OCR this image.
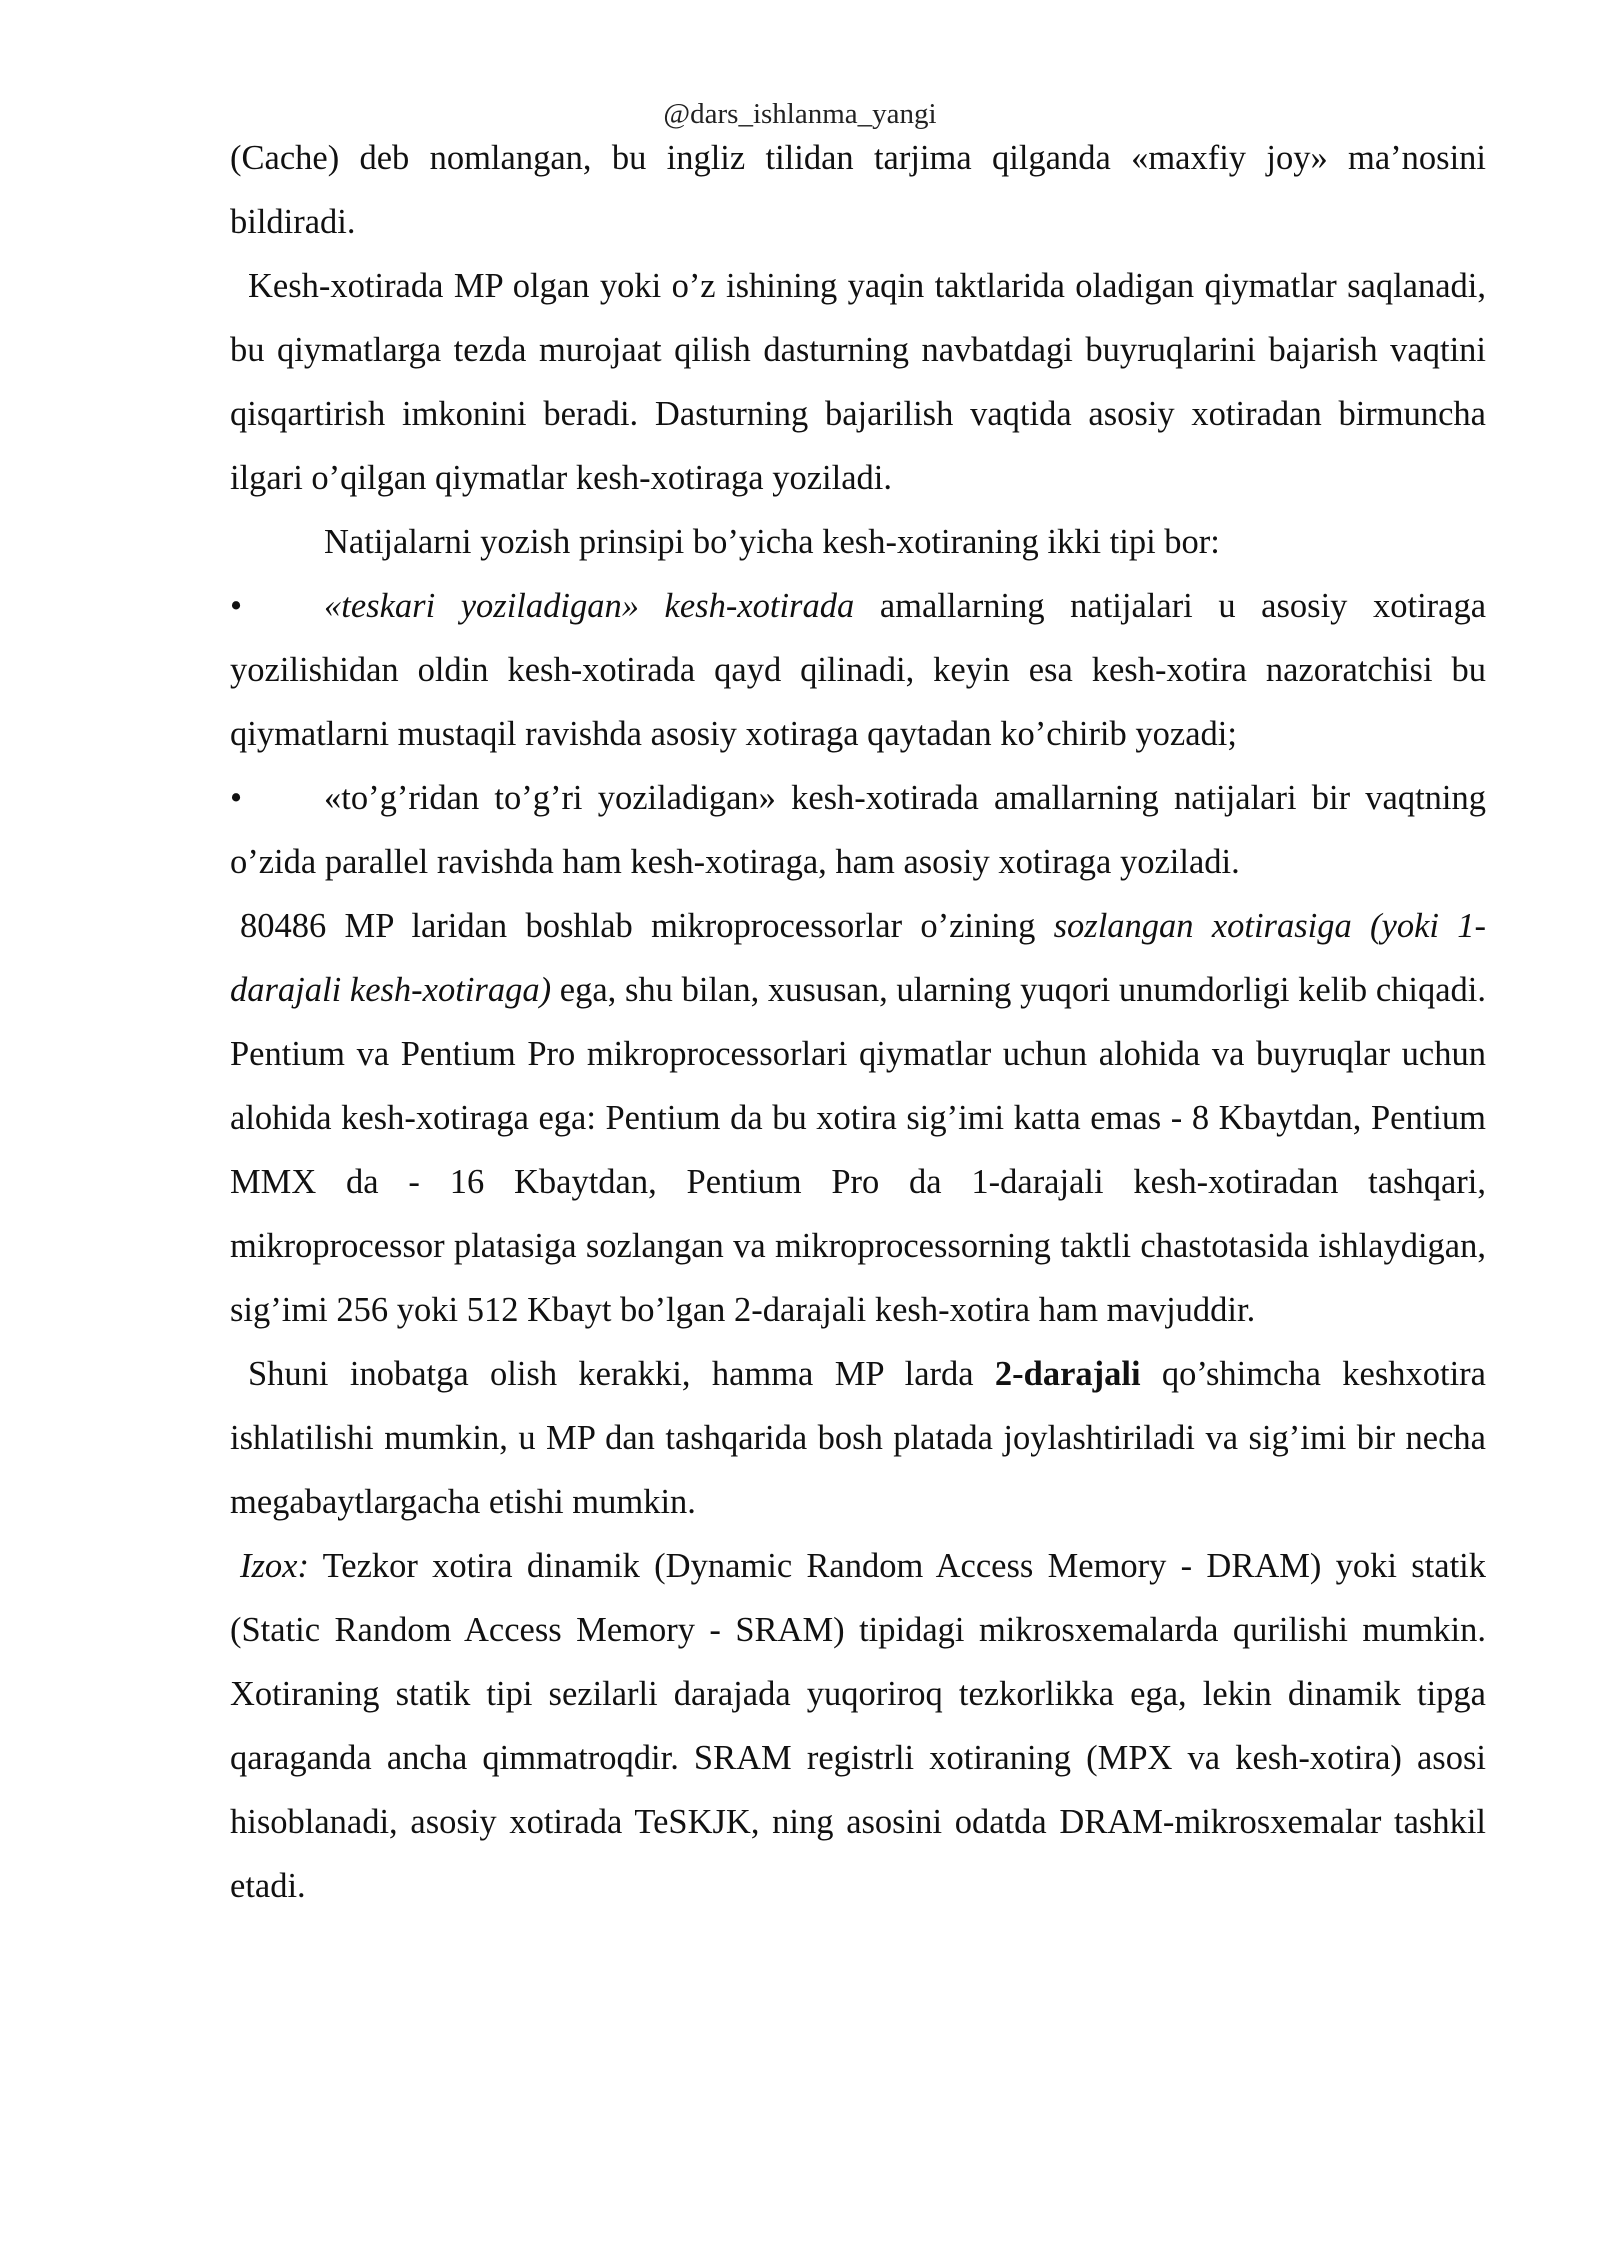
@dars_ishlanma_yangi

(Cache) deb nomlangan, bu ingliz tilidan tarjima qilganda «maxfiy joy» ma’nosini bildiradi.

Kesh-xotirada MP olgan yoki o’z ishining yaqin taktlarida oladigan qiymatlar saqlanadi, bu qiymatlarga tezda murojaat qilish dasturning navbatdagi buyruqlarini bajarish vaqtini qisqartirish imkonini beradi. Dasturning bajarilish vaqtida asosiy xotiradan birmuncha ilgari o’qilgan qiymatlar kesh-xotiraga yoziladi.

Natijalarni yozish prinsipi bo’yicha kesh-xotiraning ikki tipi bor:

• «teskari yoziladigan» kesh-xotirada amallarning natijalari u asosiy xotiraga yozilishidan oldin kesh-xotirada qayd qilinadi, keyin esa kesh-xotira nazoratchisi bu qiymatlarni mustaqil ravishda asosiy xotiraga qaytadan ko’chirib yozadi;

• «to’g’ridan to’g’ri yoziladigan» kesh-xotirada amallarning natijalari bir vaqtning o’zida parallel ravishda ham kesh-xotiraga, ham asosiy xotiraga yoziladi.

80486 MP laridan boshlab mikroprocessorlar o’zining sozlangan xotirasiga (yoki 1-darajali kesh-xotiraga) ega, shu bilan, xususan, ularning yuqori unumdorligi kelib chiqadi. Pentium va Pentium Pro mikroprocessorlari qiymatlar uchun alohida va buyruqlar uchun alohida kesh-xotiraga ega: Pentium da bu xotira sig’imi katta emas - 8 Kbaytdan, Pentium MMX da - 16 Kbaytdan, Pentium Pro da 1-darajali kesh-xotiradan tashqari, mikroprocessor platasiga sozlangan va mikroprocessorning taktli chastotasida ishlaydigan, sig’imi 256 yoki 512 Kbayt bo’lgan 2-darajali kesh-xotira ham mavjuddir.

Shuni inobatga olish kerakki, hamma MP larda 2-darajali qo’shimcha keshxotira ishlatilishi mumkin, u MP dan tashqarida bosh platada joylashtiriladi va sig’imi bir necha megabaytlargacha etishi mumkin.

Izox: Tezkor xotira dinamik (Dynamic Random Access Memory - DRAM) yoki statik (Static Random Access Memory - SRAM) tipidagi mikrosxemalarda qurilishi mumkin. Xotiraning statik tipi sezilarli darajada yuqoriroq tezkorlikka ega, lekin dinamik tipga qaraganda ancha qimmatroqdir. SRAM registrli xotiraning (MPX va kesh-xotira) asosi hisoblanadi, asosiy xotirada TeSKJK, ning asosini odatda DRAM-mikrosxemalar tashkil etadi.
